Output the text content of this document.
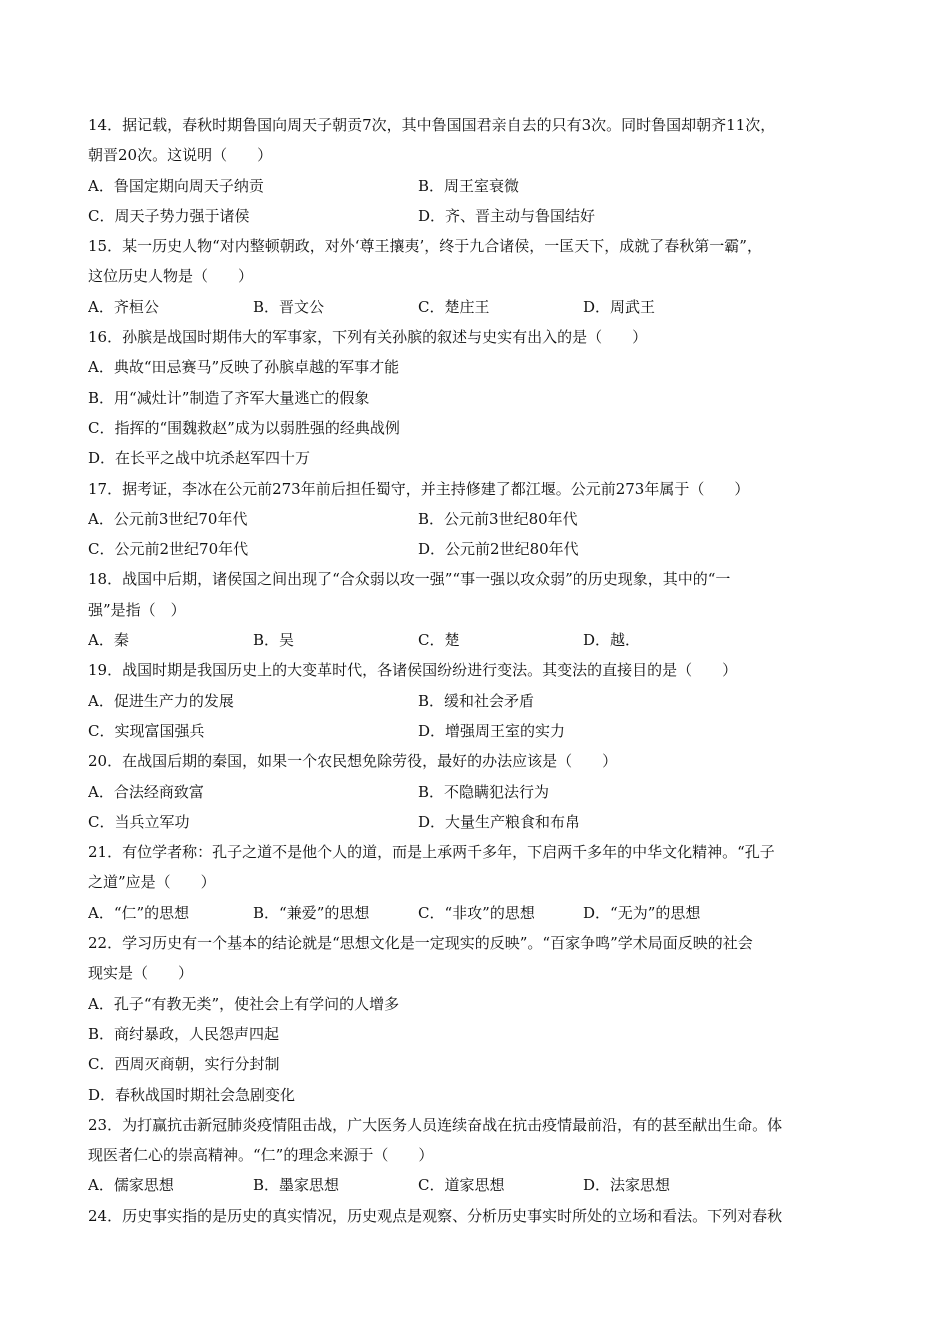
14．据记载，春秋时期鲁国向周天子朝贡7次，其中鲁国国君亲自去的只有3次。同时鲁国却朝齐11次，
朝晋20次。这说明（　　）
A．鲁国定期向周天子纳贡	B．周王室衰微
C．周天子势力强于诸侯	D．齐、晋主动与鲁国结好
15．某一历史人物“对内整顿朝政，对外‘尊王攘夷’，终于九合诸侯，一匡天下，成就了春秋第一霸”，
这位历史人物是（　　）
A．齐桓公	B．晋文公	C．楚庄王	D．周武王
16．孙膑是战国时期伟大的军事家，下列有关孙膑的叙述与史实有出入的是（　　）
A．典故“田忌赛马”反映了孙膑卓越的军事才能
B．用“减灶计”制造了齐军大量逃亡的假象
C．指挥的“围魏救赵”成为以弱胜强的经典战例
D．在长平之战中坑杀赵军四十万
17．据考证，李冰在公元前273年前后担任蜀守，并主持修建了都江堰。公元前273年属于（　　）
A．公元前3世纪70年代	B．公元前3世纪80年代
C．公元前2世纪70年代	D．公元前2世纪80年代
18．战国中后期，诸侯国之间出现了“合众弱以攻一强”“事一强以攻众弱”的历史现象，其中的“一
强”是指（　）
A．秦	B．吴	C．楚	D．越．
19．战国时期是我国历史上的大变革时代，各诸侯国纷纷进行变法。其变法的直接目的是（　　）
A．促进生产力的发展	B．缓和社会矛盾
C．实现富国强兵	D．增强周王室的实力
20．在战国后期的秦国，如果一个农民想免除劳役，最好的办法应该是（　　）
A．合法经商致富	B．不隐瞒犯法行为
C．当兵立军功	D．大量生产粮食和布帛
21．有位学者称：孔子之道不是他个人的道，而是上承两千多年，下启两千多年的中华文化精神。“孔子
之道”应是（　　）
A．“仁”的思想	B．“兼爱”的思想	C．“非攻”的思想	D．“无为”的思想
22．学习历史有一个基本的结论就是“思想文化是一定现实的反映”。“百家争鸣”学术局面反映的社会
现实是（　　）
A．孔子“有教无类”，使社会上有学问的人增多
B．商纣暴政，人民怨声四起
C．西周灭商朝，实行分封制
D．春秋战国时期社会急剧变化
23．为打赢抗击新冠肺炎疫情阻击战，广大医务人员连续奋战在抗击疫情最前沿，有的甚至献出生命。体
现医者仁心的崇高精神。“仁”的理念来源于（　　）
A．儒家思想	B．墨家思想	C．道家思想	D．法家思想
24．历史事实指的是历史的真实情况，历史观点是观察、分析历史事实时所处的立场和看法。下列对春秋
